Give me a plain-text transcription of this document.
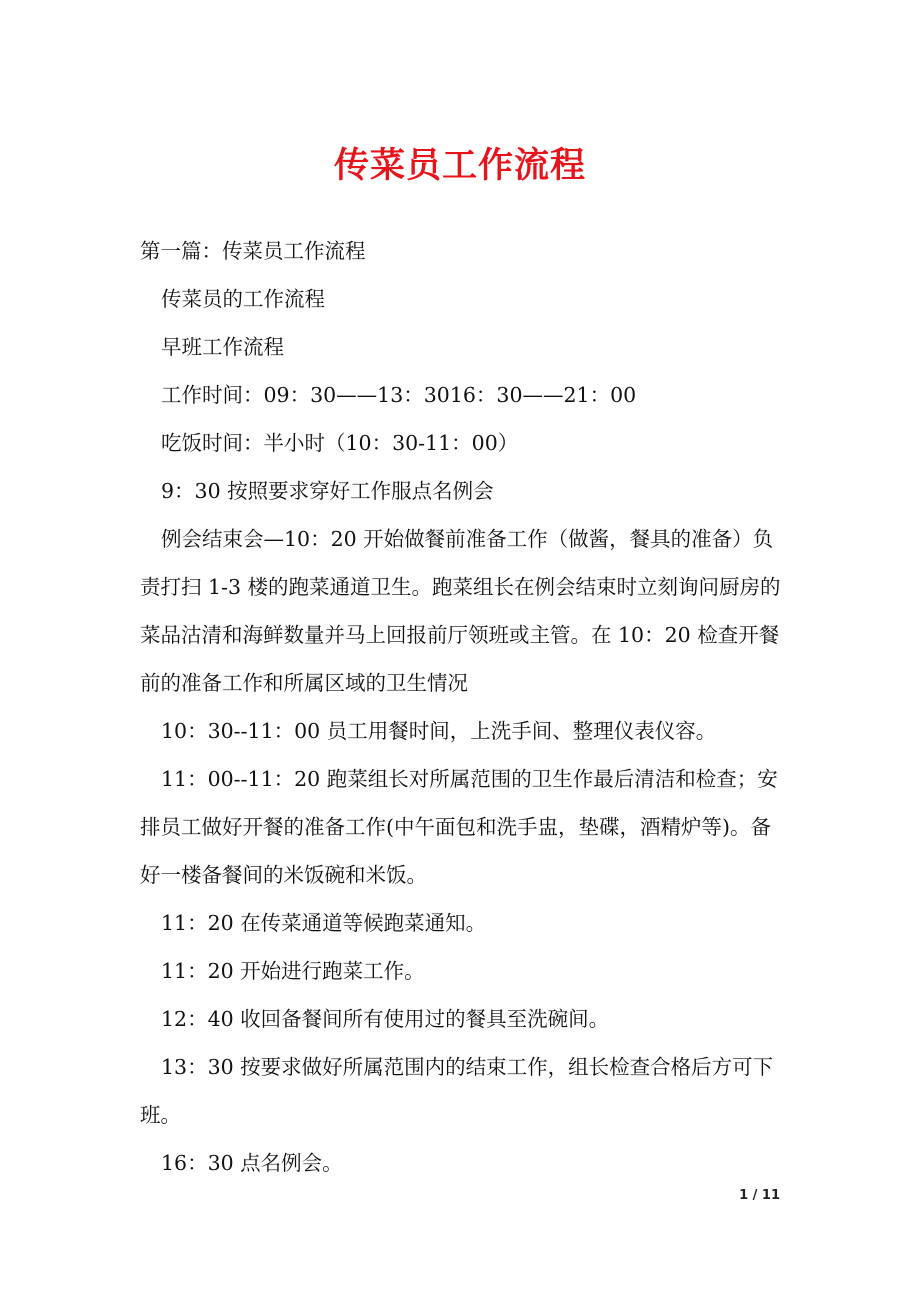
传菜员工作流程

第一篇：传菜员工作流程

传菜员的工作流程

早班工作流程

工作时间：09：30——13：3016：30——21：00

吃饭时间：半小时（10：30-11：00）

9：30 按照要求穿好工作服点名例会

例会结束会—10：20 开始做餐前准备工作（做酱，餐具的准备）负责打扫 1-3 楼的跑菜通道卫生。跑菜组长在例会结束时立刻询问厨房的菜品沽清和海鲜数量并马上回报前厅领班或主管。在 10：20 检查开餐前的准备工作和所属区域的卫生情况

10：30--11：00 员工用餐时间，上洗手间、整理仪表仪容。

11：00--11：20 跑菜组长对所属范围的卫生作最后清洁和检查；安排员工做好开餐的准备工作(中午面包和洗手盅，垫碟，酒精炉等)。备好一楼备餐间的米饭碗和米饭。

11：20 在传菜通道等候跑菜通知。

11：20 开始进行跑菜工作。

12：40 收回备餐间所有使用过的餐具至洗碗间。

13：30 按要求做好所属范围内的结束工作，组长检查合格后方可下班。

16：30 点名例会。

1 / 11
